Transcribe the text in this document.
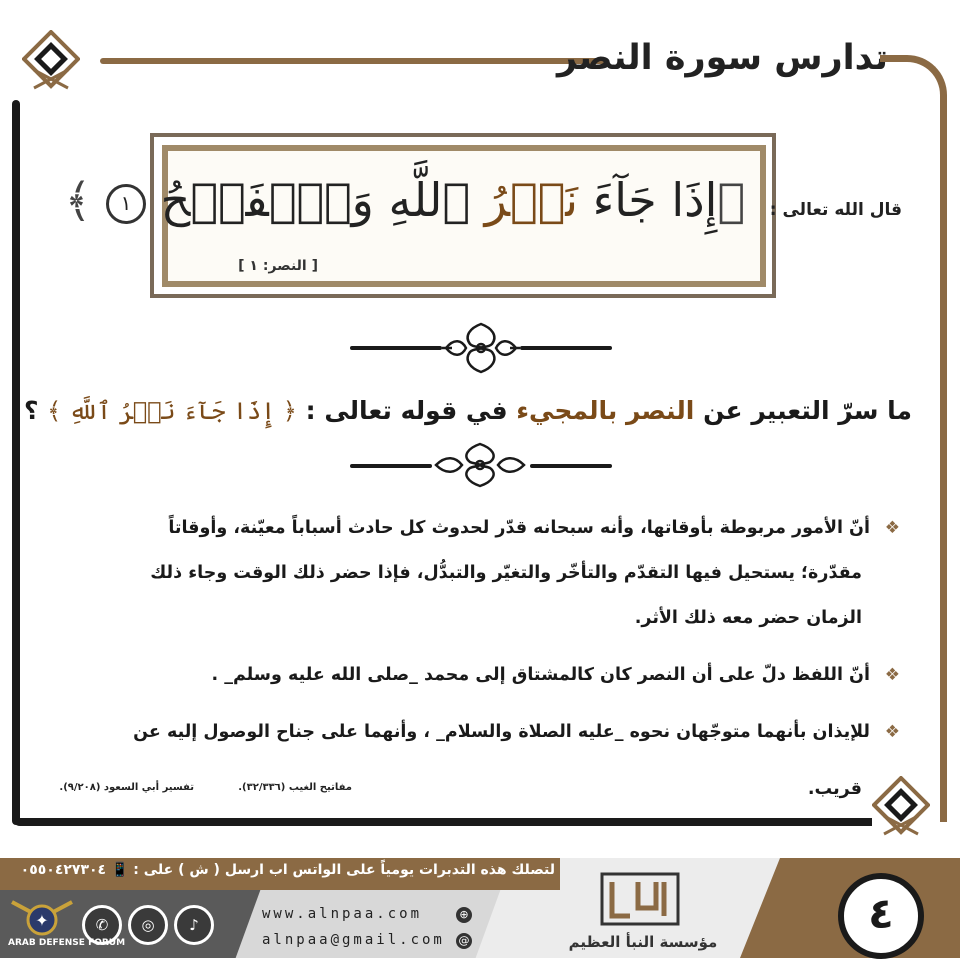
تدارس سورة النصر
﴿إِذَا جَآءَ نَصۡرُ ٱللَّهِ وَٱلۡفَتۡحُ ١ ﴾
[ النصر: ١ ]
قال الله تعالى :
ما سرّ التعبير عن النصر بالمجيء في قوله تعالى : ﴿ إِذَا جَآءَ نَصۡرُ ٱللَّهِ ﴾ ؟

❖أنّ الأمور مربوطة بأوقاتها، وأنه سبحانه قدّر لحدوث كل حادث أسباباً معيّنة، وأوقاتاً

مقدّرة؛ يستحيل فيها التقدّم والتأخّر والتغيّر والتبدُّل، فإذا حضر ذلك الوقت وجاء ذلك

الزمان حضر معه ذلك الأثر.

❖أنّ اللفظ دلّ على أن النصر كان كالمشتاق إلى محمد _صلى الله عليه وسلم_ .

❖للإيذان بأنهما متوجّهان نحوه _عليه الصلاة والسلام_ ، وأنهما على جناح الوصول إليه عن

قريب.

مفاتيح الغيب (٣٢/٣٣٦).
تفسير أبي السعود (٩/٢٠٨).
لتصلك هذه التدبرات يومياً على الواتس اب ارسل ( ش ) على : 📱 ٠٥٥٠٤٢٧٣٠٤
✆	◎	♪
www.alnpaa.com	⊕
alnpaa@gmail.com	@	مؤسسة النبأ العظيم
٤
✦
ARAB DEFENSE FORUM
